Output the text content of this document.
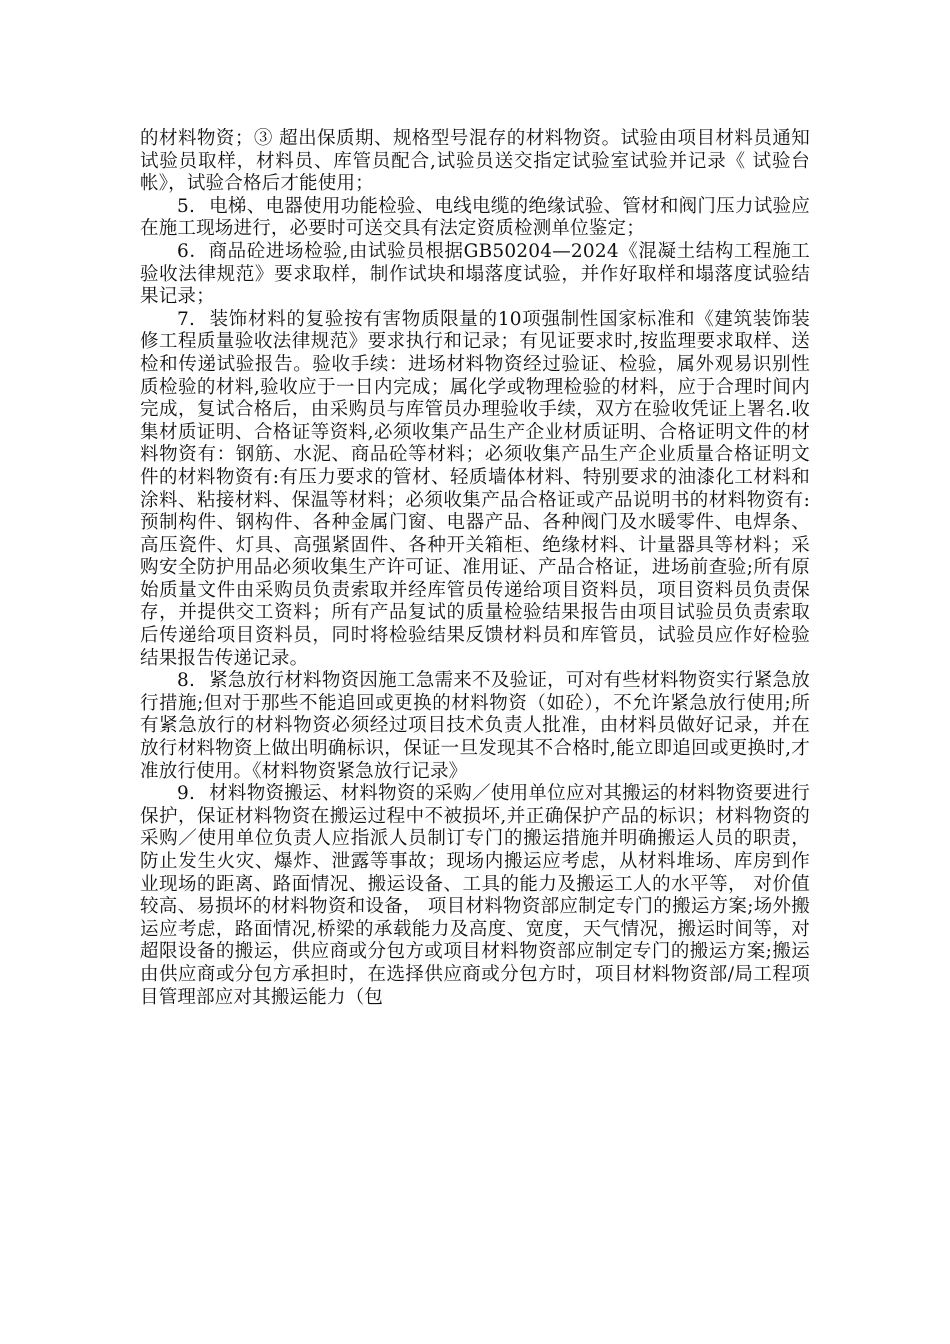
的材料物资；③ 超出保质期、规格型号混存的材料物资。试验由项目材料员通知试验员取样，材料员、库管员配合,试验员送交指定试验室试验并记录《 试验台帐》，试验合格后才能使用；

5. 电梯、电器使用功能检验、电线电缆的绝缘试验、管材和阀门压力试验应在施工现场进行，必要时可送交具有法定资质检测单位鉴定；

6．商品砼进场检验,由试验员根据GB50204—2024《混凝土结构工程施工验收法律规范》要求取样，制作试块和塌落度试验，并作好取样和塌落度试验结果记录；

7. 装饰材料的复验按有害物质限量的10项强制性国家标准和《建筑装饰装修工程质量验收法律规范》要求执行和记录；有见证要求时,按监理要求取样、送检和传递试验报告。验收手续：进场材料物资经过验证、检验，属外观易识别性质检验的材料,验收应于一日内完成；属化学或物理检验的材料，应于合理时间内完成，复试合格后，由采购员与库管员办理验收手续，双方在验收凭证上署名.收集材质证明、合格证等资料,必须收集产品生产企业材质证明、合格证明文件的材料物资有：钢筋、水泥、商品砼等材料；必须收集产品生产企业质量合格证明文件的材料物资有:有压力要求的管材、轻质墙体材料、特别要求的油漆化工材料和涂料、粘接材料、保温等材料；必须收集产品合格证或产品说明书的材料物资有:预制构件、钢构件、各种金属门窗、电器产品、各种阀门及水暖零件、电焊条、高压瓷件、灯具、高强紧固件、各种开关箱柜、绝缘材料、计量器具等材料；采购安全防护用品必须收集生产许可证、准用证、产品合格证，进场前查验;所有原始质量文件由采购员负责索取并经库管员传递给项目资料员，项目资料员负责保存，并提供交工资料；所有产品复试的质量检验结果报告由项目试验员负责索取后传递给项目资料员，同时将检验结果反馈材料员和库管员，试验员应作好检验结果报告传递记录。

8. 紧急放行材料物资因施工急需来不及验证，可对有些材料物资实行紧急放行措施;但对于那些不能追回或更换的材料物资（如砼），不允许紧急放行使用;所有紧急放行的材料物资必须经过项目技术负责人批准，由材料员做好记录，并在放行材料物资上做出明确标识，保证一旦发现其不合格时,能立即追回或更换时,才准放行使用。《材料物资紧急放行记录》

9. 材料物资搬运、材料物资的采购／使用单位应对其搬运的材料物资要进行保护，保证材料物资在搬运过程中不被损坏,并正确保护产品的标识；材料物资的采购／使用单位负责人应指派人员制订专门的搬运措施并明确搬运人员的职责， 防止发生火灾、爆炸、泄露等事故；现场内搬运应考虑，从材料堆场、库房到作业现场的距离、路面情况、搬运设备、工具的能力及搬运工人的水平等， 对价值较高、易损坏的材料物资和设备， 项目材料物资部应制定专门的搬运方案;场外搬运应考虑，路面情况,桥梁的承载能力及高度、宽度，天气情况，搬运时间等，对超限设备的搬运，供应商或分包方或项目材料物资部应制定专门的搬运方案;搬运由供应商或分包方承担时，在选择供应商或分包方时，项目材料物资部/局工程项目管理部应对其搬运能力（包
